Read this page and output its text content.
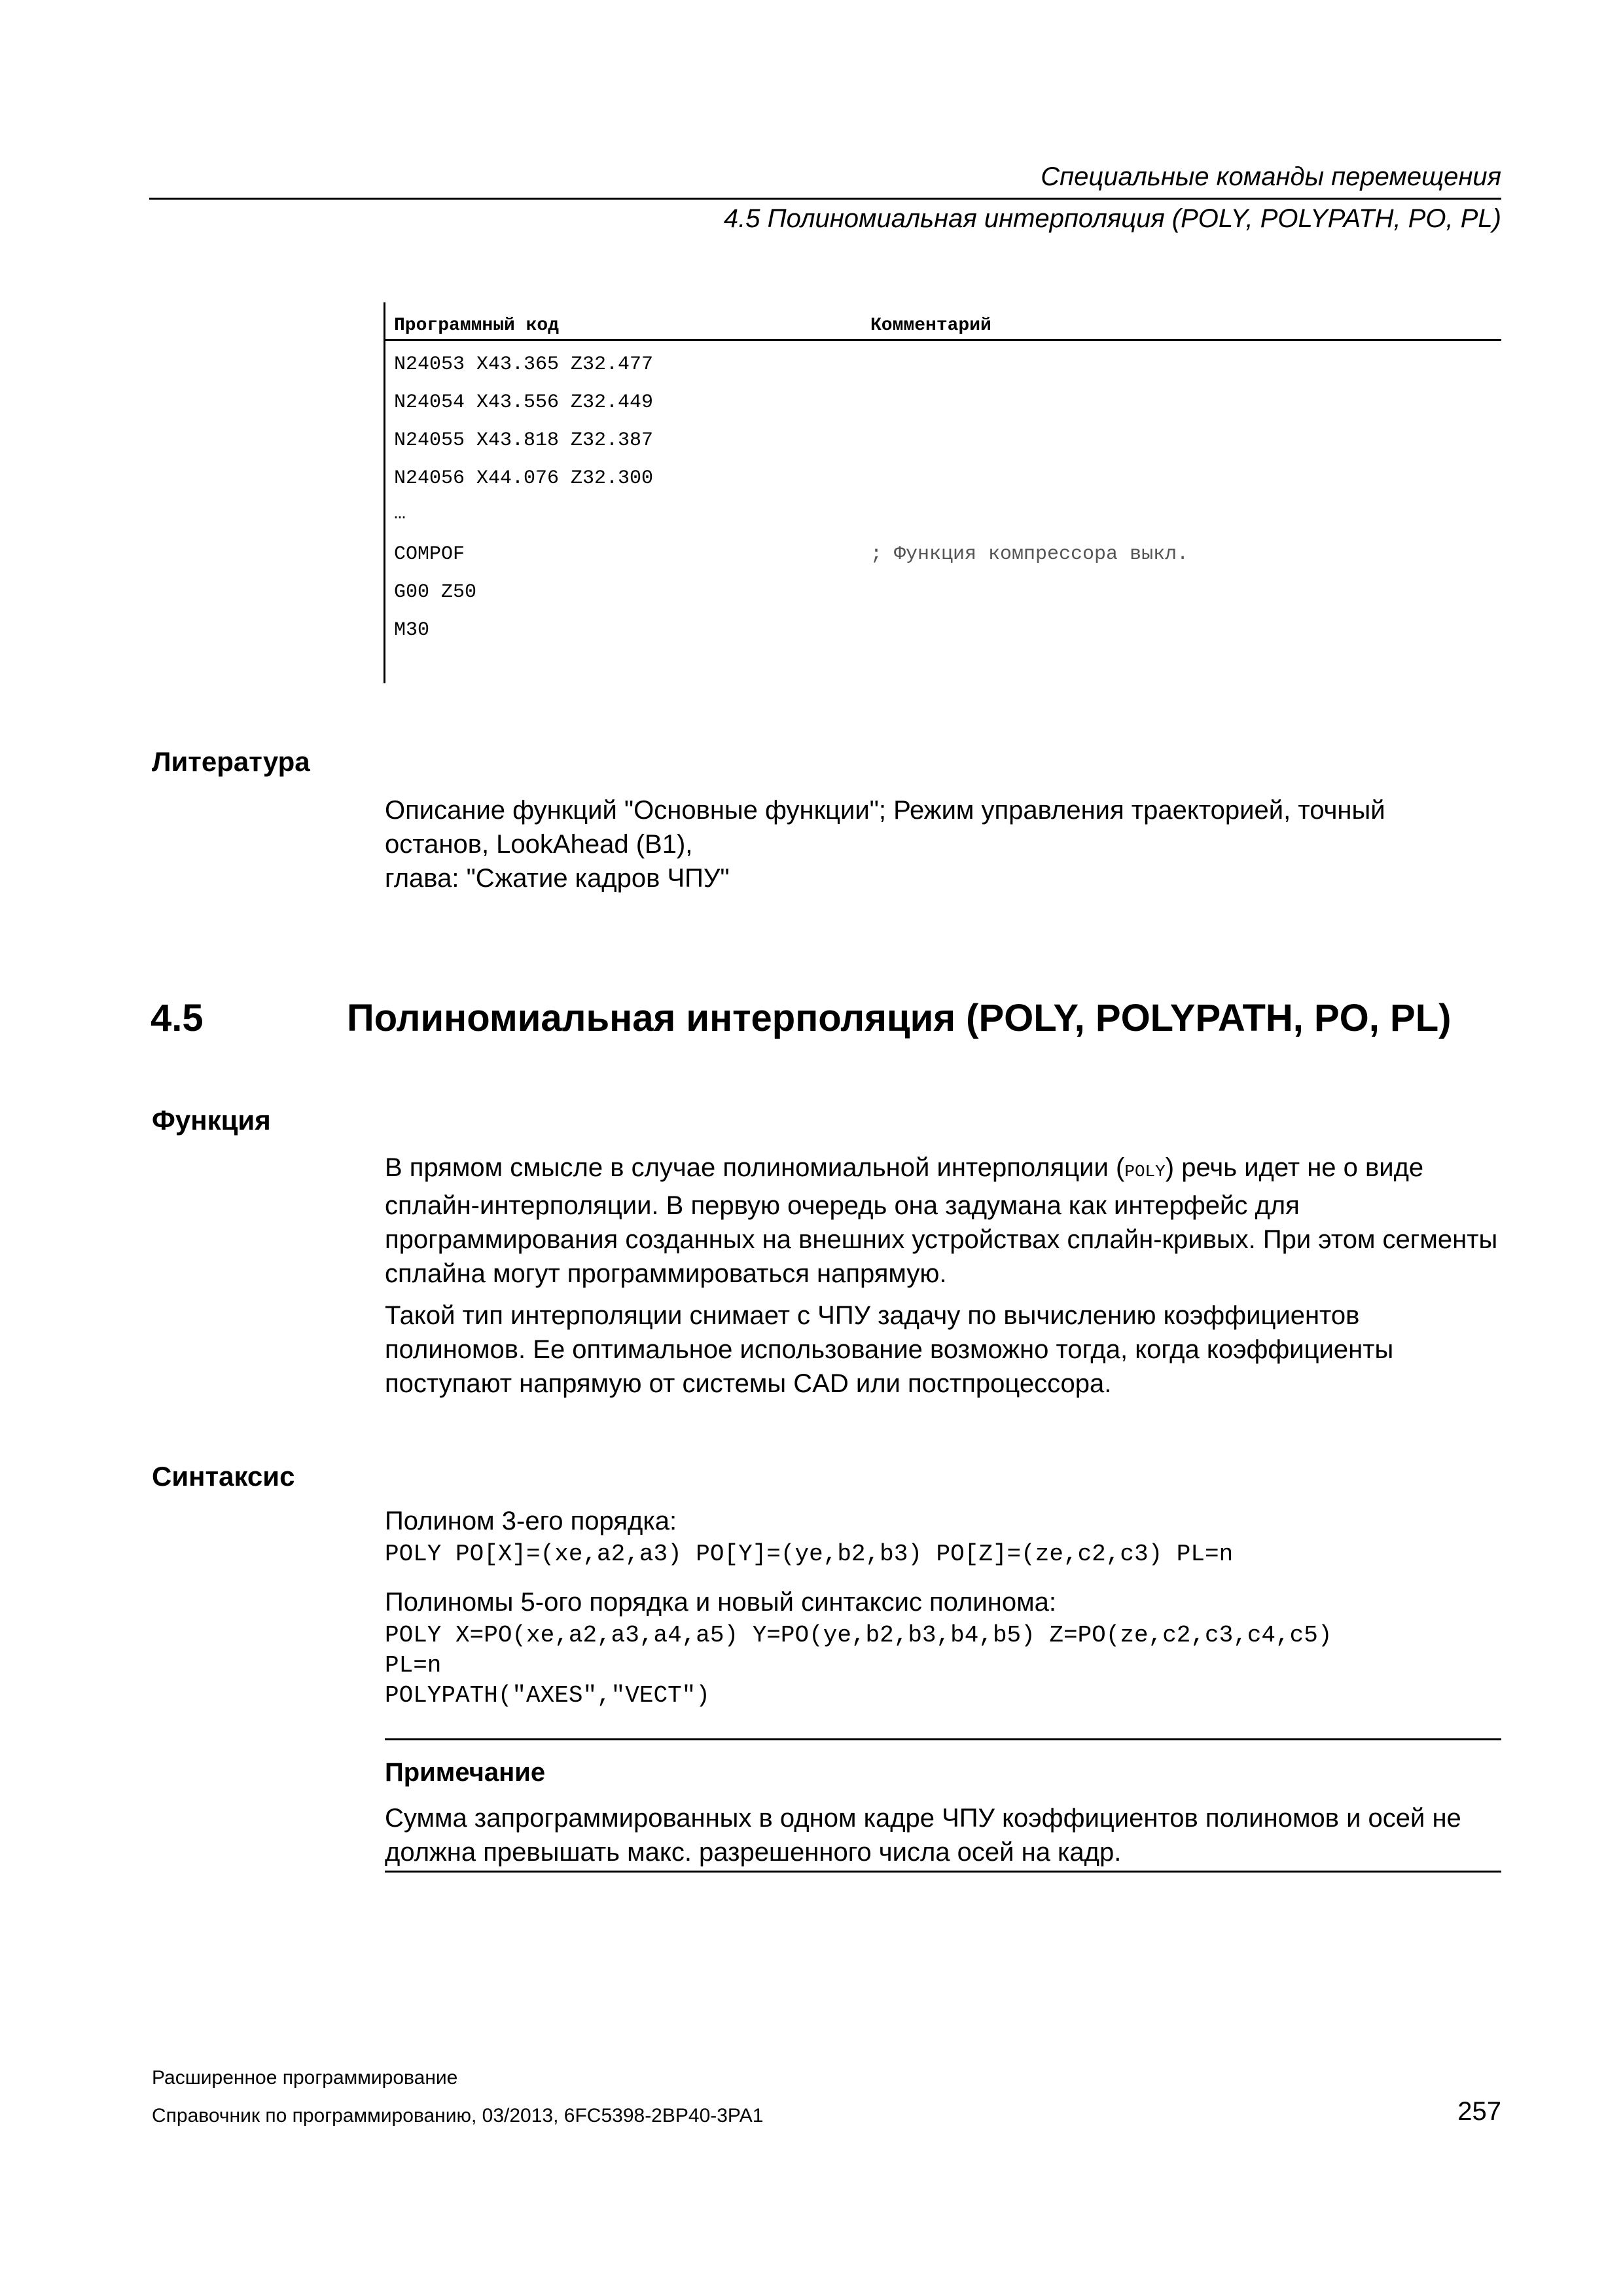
Специальные команды перемещения
4.5 Полиномиальная интерполяция (POLY, POLYPATH, PO, PL)
Программный код	Комментарий
N24053 X43.365 Z32.477
N24054 X43.556 Z32.449
N24055 X43.818 Z32.387
N24056 X44.076 Z32.300
…
COMPOF	; Функция компрессора выкл.
G00 Z50
M30
Литература

Описание функций "Основные функции"; Режим управления траекторией, точный

останов, LookAhead (B1),

глава: "Сжатие кадров ЧПУ"

4.5	Полиномиальная интерполяция (POLY, POLYPATH, PO, PL)
Функция

В прямом смысле в случае полиномиальной интерполяции (POLY) речь идет не о виде сплайн-интерполяции. В первую очередь она задумана как интерфейс для программирования созданных на внешних устройствах сплайн-кривых. При этом сегменты сплайна могут программироваться напрямую.

Такой тип интерполяции снимает с ЧПУ задачу по вычислению коэффициентов полиномов. Ее оптимальное использование возможно тогда, когда коэффициенты поступают напрямую от системы CAD или постпроцессора.

Синтаксис
Полином 3-его порядка:
POLY PO[X]=(xe,a2,a3) PO[Y]=(ye,b2,b3) PO[Z]=(ze,c2,c3) PL=n
Полиномы 5-ого порядка и новый синтаксис полинома:
POLY X=PO(xe,a2,a3,a4,a5) Y=PO(ye,b2,b3,b4,b5) Z=PO(ze,c2,c3,c4,c5)
PL=n
POLYPATH("AXES","VECT")
Примечание
Сумма запрограммированных в одном кадре ЧПУ коэффициентов полиномов и осей не должна превышать макс. разрешенного числа осей на кадр.
Расширенное программирование
Справочник по программированию, 03/2013, 6FC5398-2BP40-3PA1	257
